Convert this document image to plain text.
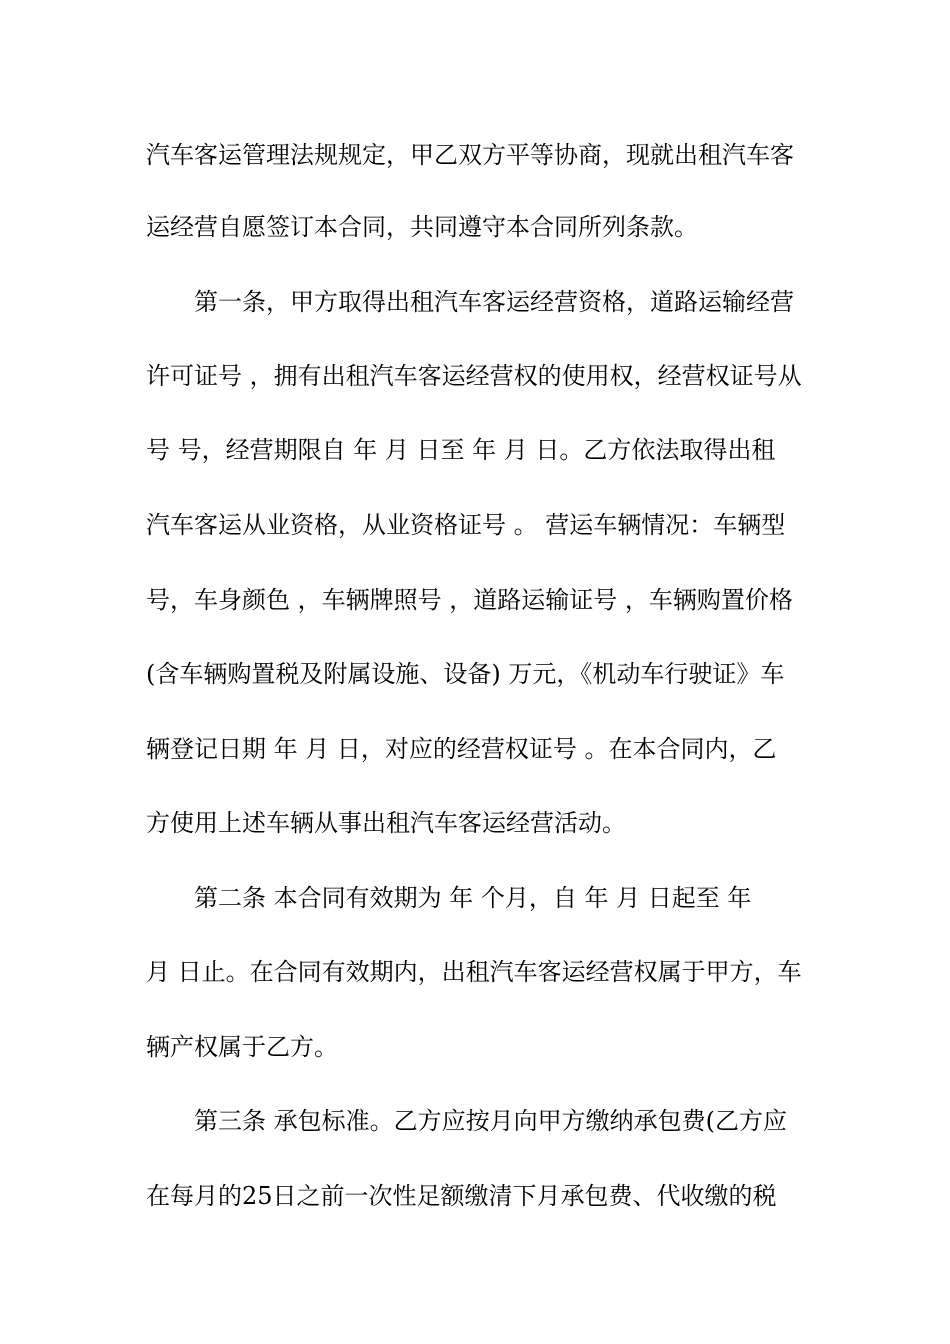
汽车客运管理法规规定，甲乙双方平等协商，现就出租汽车客
运经营自愿签订本合同，共同遵守本合同所列条款。
第一条，甲方取得出租汽车客运经营资格，道路运输经营
许可证号 ，拥有出租汽车客运经营权的使用权，经营权证号从
号 号，经营期限自 年 月 日至 年 月 日。乙方依法取得出租
汽车客运从业资格，从业资格证号 。 营运车辆情况：车辆型
号，车身颜色 ，车辆牌照号 ，道路运输证号 ，车辆购置价格
(含车辆购置税及附属设施、设备) 万元，《机动车行驶证》车
辆登记日期 年 月 日，对应的经营权证号 。在本合同内，乙
方使用上述车辆从事出租汽车客运经营活动。
第二条 本合同有效期为 年 个月，自 年 月 日起至 年
月 日止。在合同有效期内，出租汽车客运经营权属于甲方，车
辆产权属于乙方。
第三条 承包标准。乙方应按月向甲方缴纳承包费(乙方应
在每月的25日之前一次性足额缴清下月承包费、代收缴的税
